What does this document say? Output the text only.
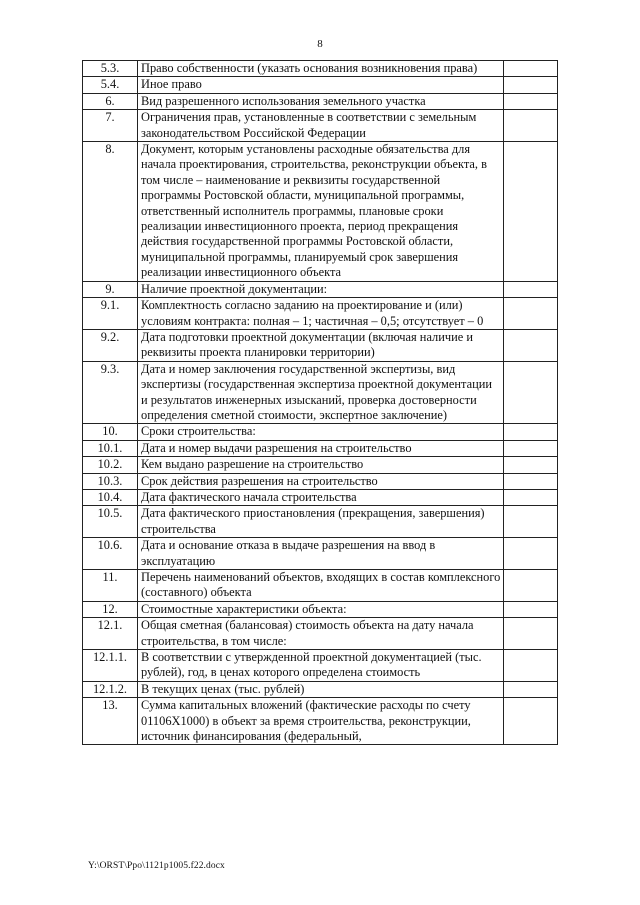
8
5.3.	Право собственности (указать основания возникновения права)	
5.4.	Иное право	
6.	Вид разрешенного использования земельного участка	
7.	Ограничения прав, установленные в соответствии с земельным законодательством Российской Федерации	
8.	Документ, которым установлены расходные обязательства для начала проектирования, строительства, реконструкции объекта, в том числе – наименование и реквизиты государственной программы Ростовской области, муниципальной программы, ответственный исполнитель программы, плановые сроки реализации инвестиционного проекта, период прекращения действия государственной программы Ростовской области, муниципальной программы, планируемый срок завершения реализации инвестиционного объекта	
9.	Наличие проектной документации:	
9.1.	Комплектность согласно заданию на проектирование и (или) условиям контракта: полная – 1; частичная – 0,5; отсутствует – 0	
9.2.	Дата подготовки проектной документации (включая наличие и реквизиты проекта планировки территории)	
9.3.	Дата и номер заключения государственной экспертизы, вид экспертизы (государственная экспертиза проектной документации и результатов инженерных изысканий, проверка достоверности определения сметной стоимости, экспертное заключение)	
10.	Сроки строительства:	
10.1.	Дата и номер выдачи разрешения на строительство	
10.2.	Кем выдано разрешение на строительство	
10.3.	Срок действия разрешения на строительство	
10.4.	Дата фактического начала строительства	
10.5.	Дата фактического приостановления (прекращения, завершения) строительства	
10.6.	Дата и основание отказа в выдаче разрешения на ввод в эксплуатацию	
11.	Перечень наименований объектов, входящих в состав комплексного (составного) объекта	
12.	Стоимостные характеристики объекта:	
12.1.	Общая сметная (балансовая) стоимость объекта на дату начала строительства, в том числе:	
12.1.1.	В соответствии с утвержденной проектной документацией (тыс. рублей), год, в ценах которого определена стоимость	
12.1.2.	В текущих ценах (тыс. рублей)	
13.	Сумма капитальных вложений (фактические расходы по счету 01106Х1000) в объект за время строительства, реконструкции, источник финансирования (федеральный,	
Y:\ORST\Ppo\1121p1005.f22.docx
